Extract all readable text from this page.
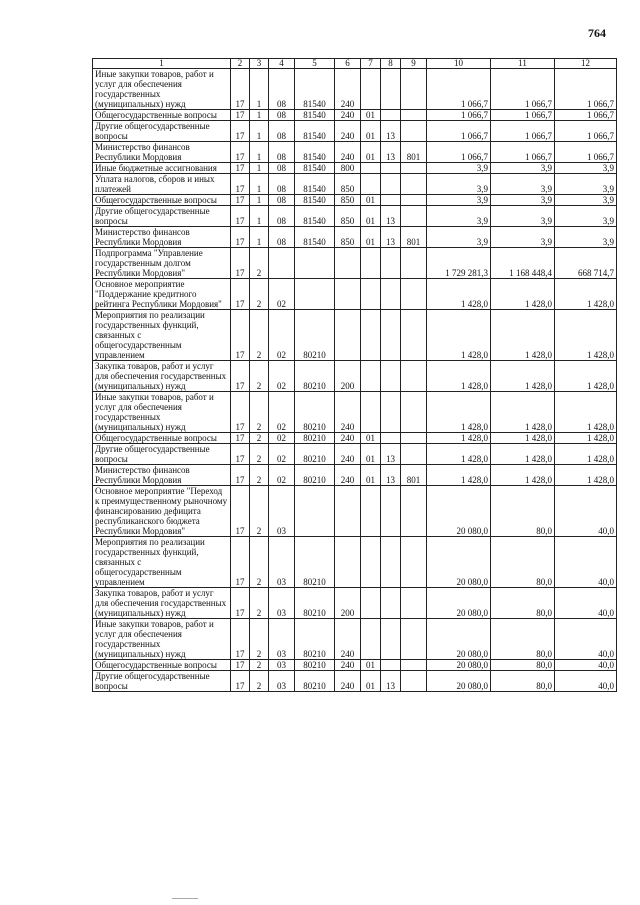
764
1	2	3	4	5	6	7	8	9	10	11	12
Иные закупки товаров, работ и услуг для обеспечения государственных (муниципальных) нужд	17	1	08	81540	240				1 066,7	1 066,7	1 066,7
Общегосударственные вопросы	17	1	08	81540	240	01			1 066,7	1 066,7	1 066,7
Другие общегосударственные вопросы	17	1	08	81540	240	01	13		1 066,7	1 066,7	1 066,7
Министерство финансов Республики Мордовия	17	1	08	81540	240	01	13	801	1 066,7	1 066,7	1 066,7
Иные бюджетные ассигнования	17	1	08	81540	800				3,9	3,9	3,9
Уплата налогов, сборов и иных платежей	17	1	08	81540	850				3,9	3,9	3,9
Общегосударственные вопросы	17	1	08	81540	850	01			3,9	3,9	3,9
Другие общегосударственные вопросы	17	1	08	81540	850	01	13		3,9	3,9	3,9
Министерство финансов Республики Мордовия	17	1	08	81540	850	01	13	801	3,9	3,9	3,9
Подпрограмма "Управление государственным долгом Республики Мордовия"	17	2							1 729 281,3	1 168 448,4	668 714,7
Основное мероприятие "Поддержание кредитного рейтинга Республики Мордовия"	17	2	02						1 428,0	1 428,0	1 428,0
Мероприятия по реализации государственных функций, связанных с общегосударственным управлением	17	2	02	80210					1 428,0	1 428,0	1 428,0
Закупка товаров, работ и услуг для обеспечения государственных (муниципальных) нужд	17	2	02	80210	200				1 428,0	1 428,0	1 428,0
Иные закупки товаров, работ и услуг для обеспечения государственных (муниципальных) нужд	17	2	02	80210	240				1 428,0	1 428,0	1 428,0
Общегосударственные вопросы	17	2	02	80210	240	01			1 428,0	1 428,0	1 428,0
Другие общегосударственные вопросы	17	2	02	80210	240	01	13		1 428,0	1 428,0	1 428,0
Министерство финансов Республики Мордовия	17	2	02	80210	240	01	13	801	1 428,0	1 428,0	1 428,0
Основное мероприятие "Переход к преимущественному рыночному финансированию дефицита республиканского бюджета Республики Мордовия"	17	2	03						20 080,0	80,0	40,0
Мероприятия по реализации государственных функций, связанных с общегосударственным управлением	17	2	03	80210					20 080,0	80,0	40,0
Закупка товаров, работ и услуг для обеспечения государственных (муниципальных) нужд	17	2	03	80210	200				20 080,0	80,0	40,0
Иные закупки товаров, работ и услуг для обеспечения государственных (муниципальных) нужд	17	2	03	80210	240				20 080,0	80,0	40,0
Общегосударственные вопросы	17	2	03	80210	240	01			20 080,0	80,0	40,0
Другие общегосударственные вопросы	17	2	03	80210	240	01	13		20 080,0	80,0	40,0
